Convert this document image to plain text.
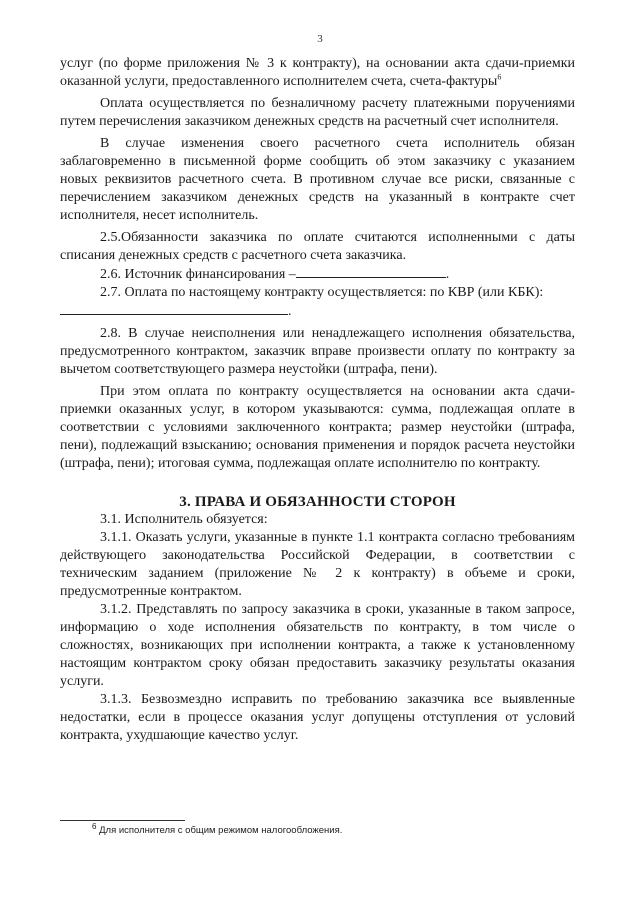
3

услуг (по форме приложения № 3 к контракту), на основании акта сдачи-приемки оказанной услуги, предоставленного исполнителем счета, счета-фактуры$^6$

Оплата осуществляется по безналичному расчету платежными поручениями путем перечисления заказчиком денежных средств на расчетный счет исполнителя.

В случае изменения своего расчетного счета исполнитель обязан заблаговременно в письменной форме сообщить об этом заказчику с указанием новых реквизитов расчетного счета. В противном случае все риски, связанные с перечислением заказчиком денежных средств на указанный в контракте счет исполнителя, несет исполнитель.

2.5.Обязанности заказчика по оплате считаются исполненными с даты списания денежных средств с расчетного счета заказчика.

2.6. Источник финансирования –	.

2.7. Оплата по настоящему контракту осуществляется: по КВР (или КБК):

.

2.8. В случае неисполнения или ненадлежащего исполнения обязательства, предусмотренного контрактом, заказчик вправе произвести оплату по контракту за вычетом соответствующего размера неустойки (штрафа, пени).

При этом оплата по контракту осуществляется на основании акта сдачи-приемки оказанных услуг, в котором указываются: сумма, подлежащая оплате в соответствии с условиями заключенного контракта; размер неустойки (штрафа, пени), подлежащий взысканию; основания применения и порядок расчета неустойки (штрафа, пени); итоговая сумма, подлежащая оплате исполнителю по контракту.

3. ПРАВА И ОБЯЗАННОСТИ СТОРОН

3.1. Исполнитель обязуется:

3.1.1. Оказать услуги, указанные в пункте 1.1 контракта согласно требованиям действующего законодательства Российской Федерации, в соответствии с техническим заданием (приложение № 2 к контракту) в объеме и сроки, предусмотренные контрактом.

3.1.2. Представлять по запросу заказчика в сроки, указанные в таком запросе, информацию о ходе исполнения обязательств по контракту, в том числе о сложностях, возникающих при исполнении контракта, а также к установленному настоящим контрактом сроку обязан предоставить заказчику результаты оказания услуги.

3.1.3. Безвозмездно исправить по требованию заказчика все выявленные недостатки, если в процессе оказания услуг допущены отступления от условий контракта, ухудшающие качество услуг.

$^6$ Для исполнителя с общим режимом налогообложения.
